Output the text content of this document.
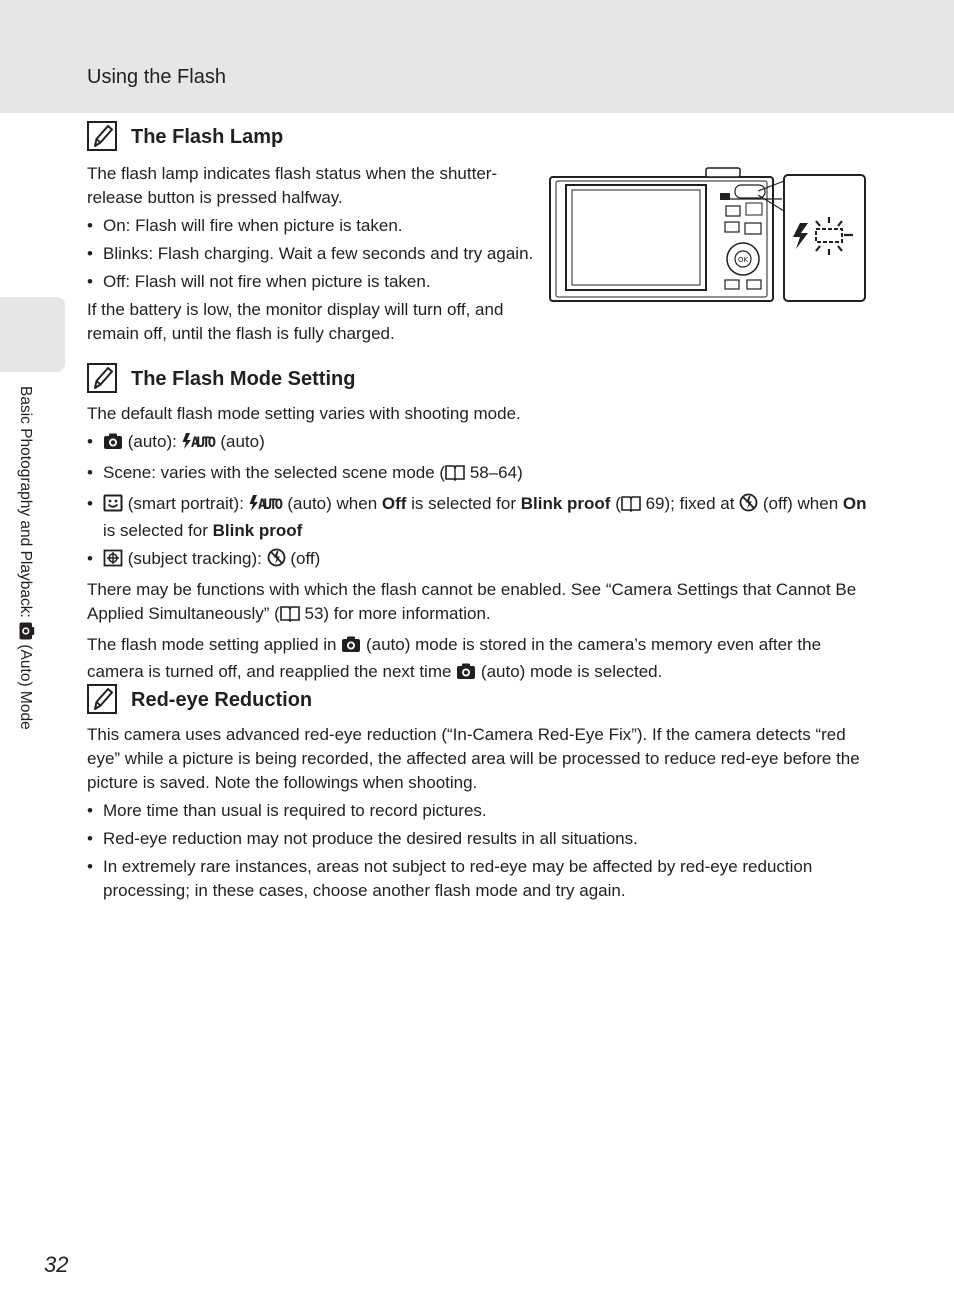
Using the Flash
Basic Photography and Playback:  (Auto) Mode
The Flash Lamp

The flash lamp indicates flash status when the shutter-release button is pressed halfway.

• On: Flash will fire when picture is taken.
• Blinks: Flash charging. Wait a few seconds and try again.
• Off: Flash will not fire when picture is taken.

If the battery is low, the monitor display will turn off, and remain off, until the flash is fully charged.

OK
The Flash Mode Setting

The default flash mode setting varies with shooting mode.

• (auto): AUTO (auto)
• Scene: varies with the selected scene mode ( 58–64)
• (smart portrait): AUTO (auto) when Off is selected for Blink proof ( 69); fixed at  (off) when On is selected for Blink proof
• (subject tracking):  (off)

There may be functions with which the flash cannot be enabled. See “Camera Settings that Cannot Be Applied Simultaneously” ( 53) for more information.

The flash mode setting applied in  (auto) mode is stored in the camera’s memory even after the camera is turned off, and reapplied the next time  (auto) mode is selected.

Red-eye Reduction

This camera uses advanced red-eye reduction (“In-Camera Red-Eye Fix”). If the camera detects “red eye” while a picture is being recorded, the affected area will be processed to reduce red-eye before the picture is saved. Note the followings when shooting.

• More time than usual is required to record pictures.
• Red-eye reduction may not produce the desired results in all situations.
• In extremely rare instances, areas not subject to red-eye may be affected by red-eye reduction processing; in these cases, choose another flash mode and try again.
32
